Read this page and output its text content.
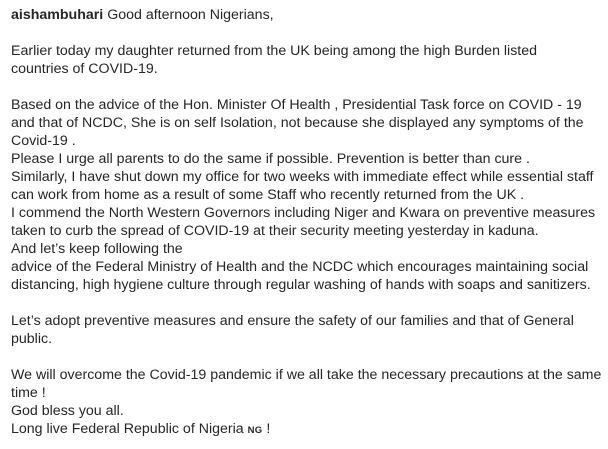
aishambuhari Good afternoon Nigerians,

Earlier today my daughter returned from the UK being among the high Burden listed

countries of COVID-19.

Based on the advice of the Hon. Minister Of Health , Presidential Task force on COVID - 19

and that of NCDC, She is on self Isolation, not because she displayed any symptoms of the

Covid-19 .

Please I urge all parents to do the same if possible. Prevention is better than cure .

Similarly, I have shut down my office for two weeks with immediate effect while essential staff

can work from home as a result of some Staff who recently returned from the UK .

I commend the North Western Governors including Niger and Kwara on preventive measures

taken to curb the spread of COVID-19 at their security meeting yesterday in kaduna.

And let’s keep following the

advice of the Federal Ministry of Health and the NCDC which encourages maintaining social

distancing, high hygiene culture through regular washing of hands with soaps and sanitizers.

Let’s adopt preventive measures and ensure the safety of our families and that of General

public.

We will overcome the Covid-19 pandemic if we all take the necessary precautions at the same

time !

God bless you all.

Long live Federal Republic of Nigeria NG !
